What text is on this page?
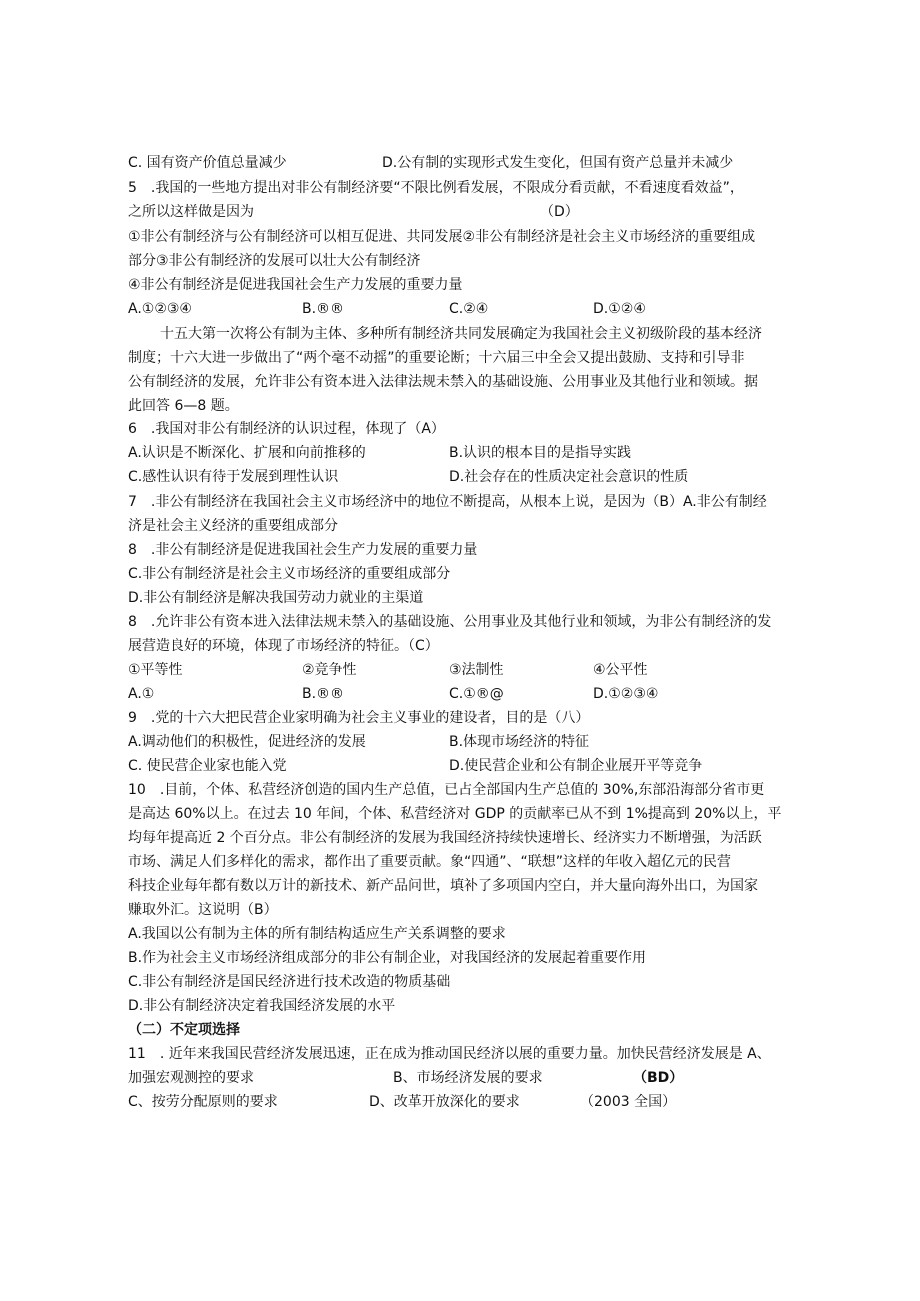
C. 国有资产价值总量减少	D.公有制的实现形式发生变化，但国有资产总量并未减少
5　.我国的一些地方提出对非公有制经济要“不限比例看发展，不限成分看贡献，不看速度看效益”，
之所以这样做是因为	（D）
①非公有制经济与公有制经济可以相互促进、共同发展②非公有制经济是社会主义市场经济的重要组成
部分③非公有制经济的发展可以壮大公有制经济
④非公有制经济是促进我国社会生产力发展的重要力量
A.①②③④	B.®®	C.②④	D.①②④
十五大第一次将公有制为主体、多种所有制经济共同发展确定为我国社会主义初级阶段的基本经济
制度；十六大进一步做出了“两个毫不动摇”的重要论断；十六届三中全会又提出鼓励、支持和引导非
公有制经济的发展，允许非公有资本进入法律法规未禁入的基础设施、公用事业及其他行业和领域。据
此回答 6—8 题。
6　.我国对非公有制经济的认识过程，体现了（A）
A.认识是不断深化、扩展和向前推移的	B.认识的根本目的是指导实践
C.感性认识有待于发展到理性认识	D.社会存在的性质决定社会意识的性质
7　.非公有制经济在我国社会主义市场经济中的地位不断提高，从根本上说，是因为（B）A.非公有制经
济是社会主义经济的重要组成部分
8　.非公有制经济是促进我国社会生产力发展的重要力量
C.非公有制经济是社会主义市场经济的重要组成部分
D.非公有制经济是解决我国劳动力就业的主渠道
8　.允许非公有资本进入法律法规未禁入的基础设施、公用事业及其他行业和领域，为非公有制经济的发
展营造良好的环境，体现了市场经济的特征。（C）
①平等性	②竞争性	③法制性	④公平性
A.①	B.®®	C.①®@	D.①②③④
9　.党的十六大把民营企业家明确为社会主义事业的建设者，目的是（八）
A.调动他们的积极性，促进经济的发展	B.体现市场经济的特征
C. 使民营企业家也能入党	D.使民营企业和公有制企业展开平等竞争
10　.目前，个体、私营经济创造的国内生产总值，已占全部国内生产总值的 30%,东部沿海部分省市更
是高达 60%以上。在过去 10 年间，个体、私营经济对 GDP 的贡献率已从不到 1%提高到 20%以上，平
均每年提高近 2 个百分点。非公有制经济的发展为我国经济持续快速增长、经济实力不断增强，为活跃
市场、满足人们多样化的需求，都作出了重要贡献。象“四通”、“联想”这样的年收入超亿元的民营
科技企业每年都有数以万计的新技术、新产品问世，填补了多项国内空白，并大量向海外出口，为国家
赚取外汇。这说明（B）
A.我国以公有制为主体的所有制结构适应生产关系调整的要求
B.作为社会主义市场经济组成部分的非公有制企业，对我国经济的发展起着重要作用
C.非公有制经济是国民经济进行技术改造的物质基础
D.非公有制经济决定着我国经济发展的水平
（二）不定项选择
11　. 近年来我国民营经济发展迅速，正在成为推动国民经济以展的重要力量。加快民营经济发展是 A、
加强宏观测控的要求	B、市场经济发展的要求	（BD）
C、按劳分配原则的要求	D、改革开放深化的要求	（2003 全国）
